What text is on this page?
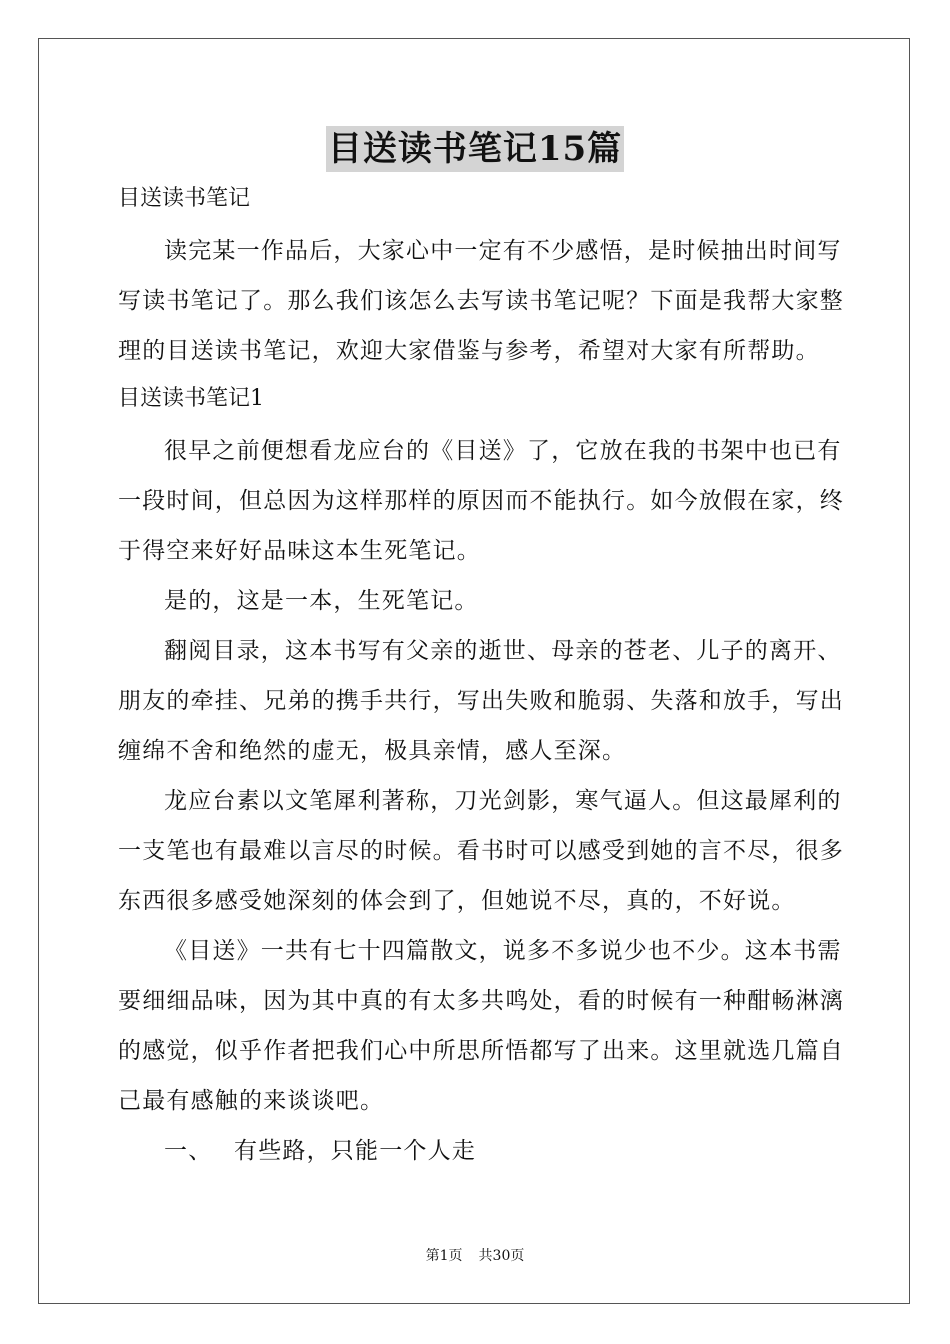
目送读书笔记15篇
目送读书笔记
读完某一作品后，大家心中一定有不少感悟，是时候抽出时间写
写读书笔记了。那么我们该怎么去写读书笔记呢？下面是我帮大家整
理的目送读书笔记，欢迎大家借鉴与参考，希望对大家有所帮助。
目送读书笔记1
很早之前便想看龙应台的《目送》了，它放在我的书架中也已有
一段时间，但总因为这样那样的原因而不能执行。如今放假在家，终
于得空来好好品味这本生死笔记。
是的，这是一本，生死笔记。
翻阅目录，这本书写有父亲的逝世、母亲的苍老、儿子的离开、
朋友的牵挂、兄弟的携手共行，写出失败和脆弱、失落和放手，写出
缠绵不舍和绝然的虚无，极具亲情，感人至深。
龙应台素以文笔犀利著称，刀光剑影，寒气逼人。但这最犀利的
一支笔也有最难以言尽的时候。看书时可以感受到她的言不尽，很多
东西很多感受她深刻的体会到了，但她说不尽，真的，不好说。
《目送》一共有七十四篇散文，说多不多说少也不少。这本书需
要细细品味，因为其中真的有太多共鸣处，看的时候有一种酣畅淋漓
的感觉，似乎作者把我们心中所思所悟都写了出来。这里就选几篇自
己最有感触的来谈谈吧。
一、 有些路，只能一个人走
第1页 共30页
